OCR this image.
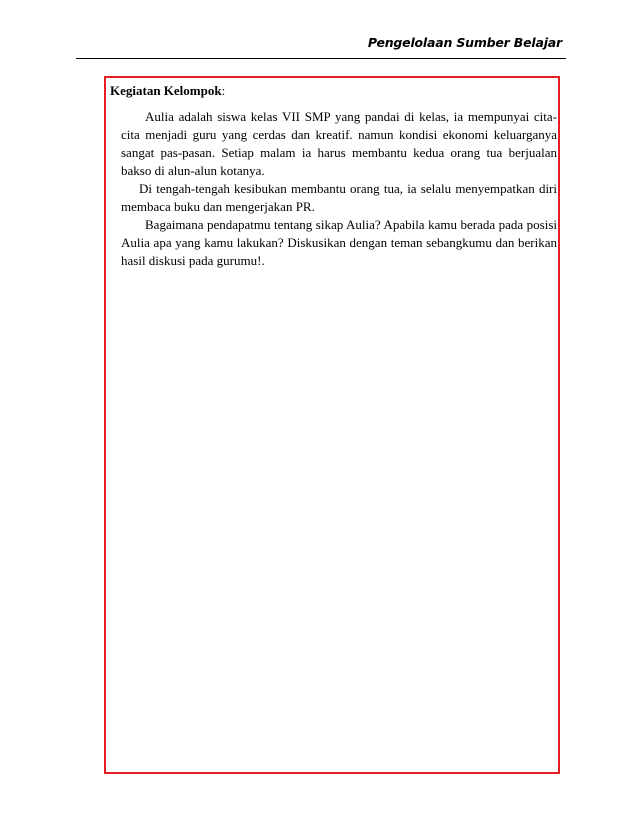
Pengelolaan Sumber Belajar
Kegiatan Kelompok:

Aulia adalah siswa kelas VII SMP yang pandai di kelas, ia mempunyai cita-cita menjadi guru yang cerdas dan kreatif. namun kondisi ekonomi keluarganya sangat pas-pasan. Setiap malam ia harus membantu kedua orang tua berjualan bakso di alun-alun kotanya.

Di tengah-tengah kesibukan membantu orang tua, ia selalu menyempatkan diri membaca buku dan mengerjakan PR.

Bagaimana pendapatmu tentang sikap Aulia? Apabila kamu berada pada posisi Aulia apa yang kamu lakukan? Diskusikan dengan teman sebangkumu dan berikan hasil diskusi pada gurumu!.
